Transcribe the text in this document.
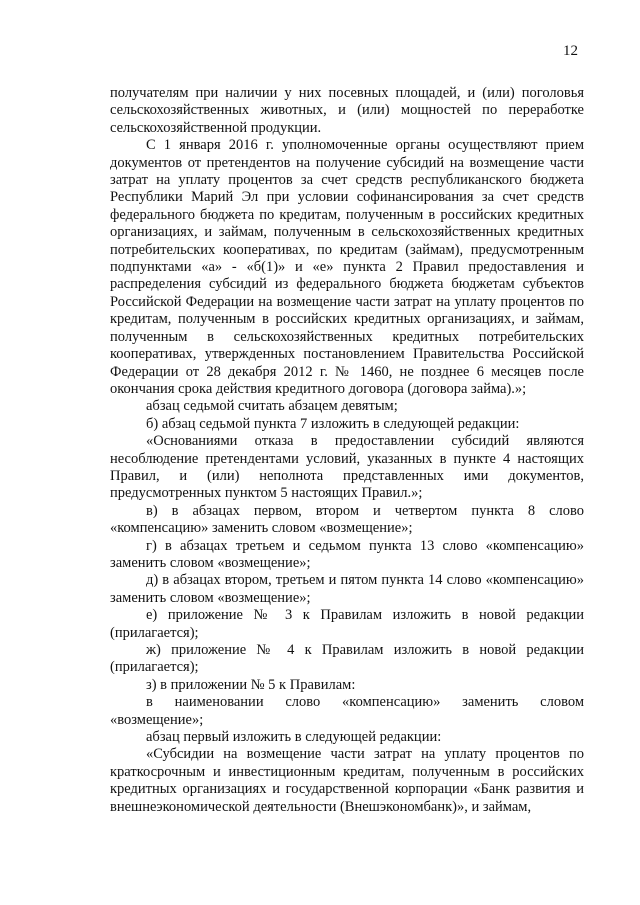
12

получателям при наличии у них посевных площадей, и (или) поголовья сельскохозяйственных животных, и (или) мощностей по переработке сельскохозяйственной продукции.

С 1 января 2016 г. уполномоченные органы осуществляют прием документов от претендентов на получение субсидий на возмещение части затрат на уплату процентов за счет средств республиканского бюджета Республики Марий Эл при условии софинансирования за счет средств федерального бюджета по кредитам, полученным в российских кредитных организациях, и займам, полученным в сельскохозяйственных кредитных потребительских кооперативах, по кредитам (займам), предусмотренным подпунктами «а» - «б(1)» и «е» пункта 2 Правил предоставления и распределения субсидий из федерального бюджета бюджетам субъектов Российской Федерации на возмещение части затрат на уплату процентов по кредитам, полученным в российских кредитных организациях, и займам, полученным в сельскохозяйственных кредитных потребительских кооперативах, утвержденных постановлением Правительства Российской Федерации от 28 декабря 2012 г. № 1460, не позднее 6 месяцев после окончания срока действия кредитного договора (договора займа).»;

абзац седьмой считать абзацем девятым;

б) абзац седьмой пункта 7 изложить в следующей редакции:

«Основаниями отказа в предоставлении субсидий являются несоблюдение претендентами условий, указанных в пункте 4 настоящих Правил, и (или) неполнота представленных ими документов, предусмотренных пунктом 5 настоящих Правил.»;

в) в абзацах первом, втором и четвертом пункта 8 слово «компенсацию» заменить словом «возмещение»;

г) в абзацах третьем и седьмом пункта 13 слово «компенсацию» заменить словом «возмещение»;

д) в абзацах втором, третьем и пятом пункта 14 слово «компенсацию» заменить словом «возмещение»;

е) приложение № 3 к Правилам изложить в новой редакции (прилагается);

ж) приложение № 4 к Правилам изложить в новой редакции (прилагается);

з) в приложении № 5 к Правилам:

в наименовании слово «компенсацию» заменить словом «возмещение»;

абзац первый изложить в следующей редакции:

«Субсидии на возмещение части затрат на уплату процентов по краткосрочным и инвестиционным кредитам, полученным в российских кредитных организациях и государственной корпорации «Банк развития и внешнеэкономической деятельности (Внешэкономбанк)», и займам,
